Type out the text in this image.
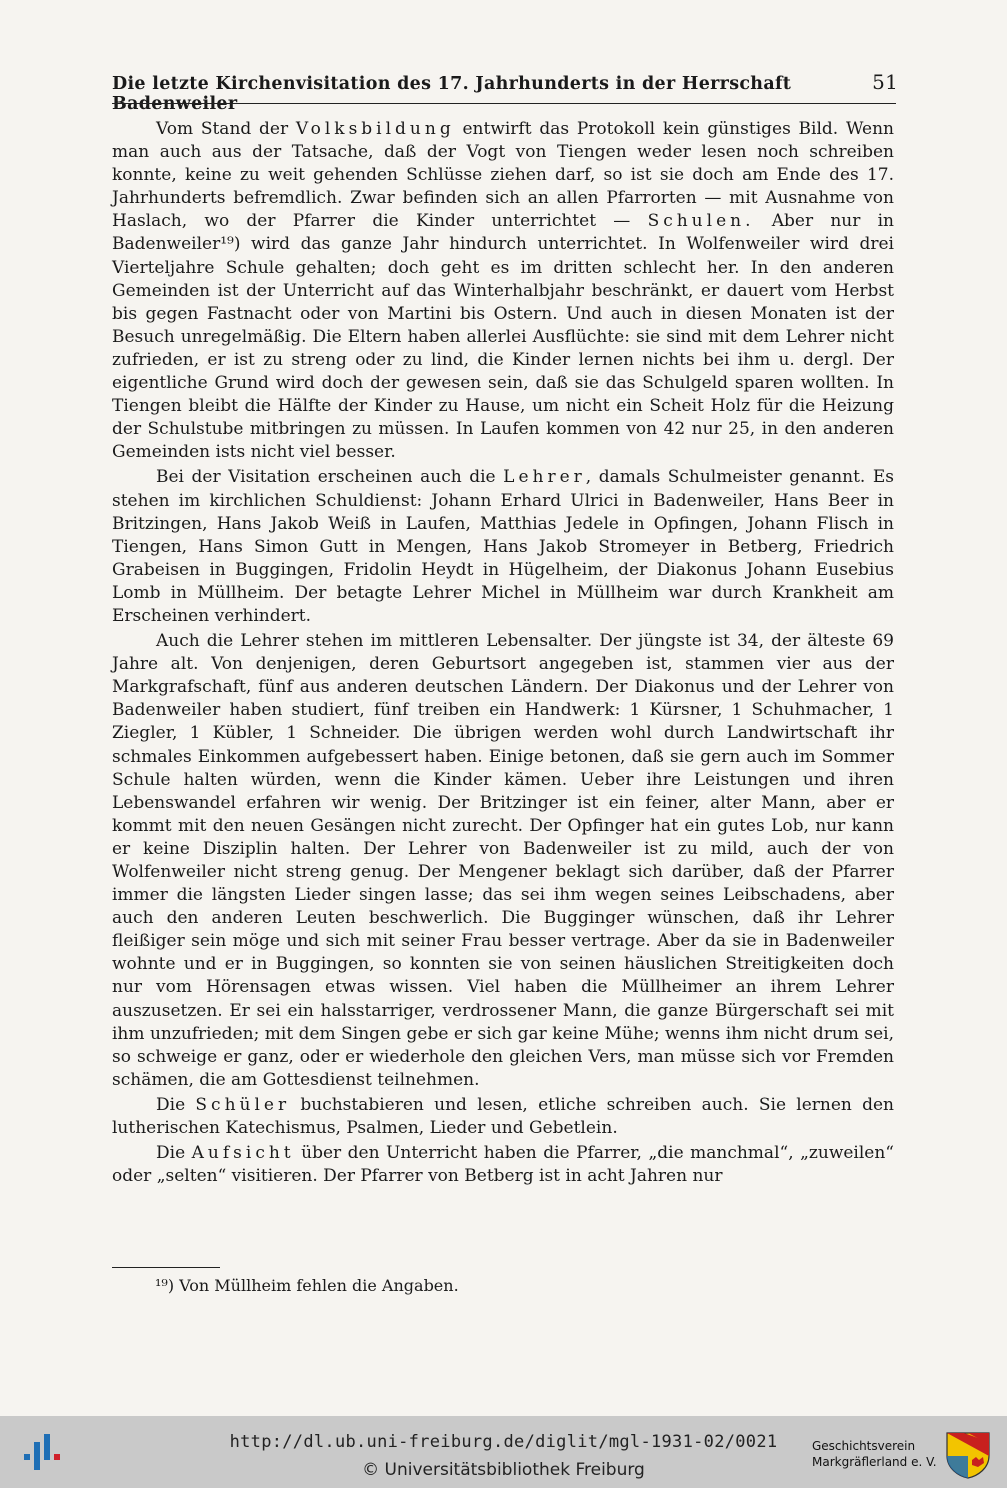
Die letzte Kirchenvisitation des 17. Jahrhunderts in der Herrschaft Badenweiler
51

Vom Stand der Volksbildung entwirft das Protokoll kein günstiges Bild. Wenn man auch aus der Tatsache, daß der Vogt von Tiengen weder lesen noch schreiben konnte, keine zu weit gehenden Schlüsse ziehen darf, so ist sie doch am Ende des 17. Jahrhunderts befremdlich. Zwar befinden sich an allen Pfarrorten — mit Ausnahme von Haslach, wo der Pfarrer die Kinder unterrichtet — Schulen. Aber nur in Badenweiler¹⁹) wird das ganze Jahr hindurch unterrichtet. In Wolfenweiler wird drei Vierteljahre Schule gehalten; doch geht es im dritten schlecht her. In den anderen Gemeinden ist der Unterricht auf das Winterhalbjahr beschränkt, er dauert vom Herbst bis gegen Fastnacht oder von Martini bis Ostern. Und auch in diesen Monaten ist der Besuch unregelmäßig. Die Eltern haben allerlei Ausflüchte: sie sind mit dem Lehrer nicht zufrieden, er ist zu streng oder zu lind, die Kinder lernen nichts bei ihm u. dergl. Der eigentliche Grund wird doch der gewesen sein, daß sie das Schulgeld sparen wollten. In Tiengen bleibt die Hälfte der Kinder zu Hause, um nicht ein Scheit Holz für die Heizung der Schulstube mitbringen zu müssen. In Laufen kommen von 42 nur 25, in den anderen Gemeinden ists nicht viel besser.

Bei der Visitation erscheinen auch die Lehrer, damals Schulmeister genannt. Es stehen im kirchlichen Schuldienst: Johann Erhard Ulrici in Badenweiler, Hans Beer in Britzingen, Hans Jakob Weiß in Laufen, Matthias Jedele in Opfingen, Johann Flisch in Tiengen, Hans Simon Gutt in Mengen, Hans Jakob Stromeyer in Betberg, Friedrich Grabeisen in Buggingen, Fridolin Heydt in Hügelheim, der Diakonus Johann Eusebius Lomb in Müllheim. Der betagte Lehrer Michel in Müllheim war durch Krankheit am Erscheinen verhindert.

Auch die Lehrer stehen im mittleren Lebensalter. Der jüngste ist 34, der älteste 69 Jahre alt. Von denjenigen, deren Geburtsort angegeben ist, stammen vier aus der Markgrafschaft, fünf aus anderen deutschen Ländern. Der Diakonus und der Lehrer von Badenweiler haben studiert, fünf treiben ein Handwerk: 1 Kürsner, 1 Schuhmacher, 1 Ziegler, 1 Kübler, 1 Schneider. Die übrigen werden wohl durch Landwirtschaft ihr schmales Einkommen aufgebessert haben. Einige betonen, daß sie gern auch im Sommer Schule halten würden, wenn die Kinder kämen. Ueber ihre Leistungen und ihren Lebenswandel erfahren wir wenig. Der Britzinger ist ein feiner, alter Mann, aber er kommt mit den neuen Gesängen nicht zurecht. Der Opfinger hat ein gutes Lob, nur kann er keine Disziplin halten. Der Lehrer von Badenweiler ist zu mild, auch der von Wolfenweiler nicht streng genug. Der Mengener beklagt sich darüber, daß der Pfarrer immer die längsten Lieder singen lasse; das sei ihm wegen seines Leibschadens, aber auch den anderen Leuten beschwerlich. Die Bugginger wünschen, daß ihr Lehrer fleißiger sein möge und sich mit seiner Frau besser vertrage. Aber da sie in Badenweiler wohnte und er in Buggingen, so konnten sie von seinen häuslichen Streitigkeiten doch nur vom Hörensagen etwas wissen. Viel haben die Müllheimer an ihrem Lehrer auszusetzen. Er sei ein halsstarriger, verdrossener Mann, die ganze Bürgerschaft sei mit ihm unzufrieden; mit dem Singen gebe er sich gar keine Mühe; wenns ihm nicht drum sei, so schweige er ganz, oder er wiederhole den gleichen Vers, man müsse sich vor Fremden schämen, die am Gottesdienst teilnehmen.

Die Schüler buchstabieren und lesen, etliche schreiben auch. Sie lernen den lutherischen Katechismus, Psalmen, Lieder und Gebetlein.

Die Aufsicht über den Unterricht haben die Pfarrer, „die manchmal“, „zuweilen“ oder „selten“ visitieren. Der Pfarrer von Betberg ist in acht Jahren nur

¹⁹) Von Müllheim fehlen die Angaben.
http://dl.ub.uni-freiburg.de/diglit/mgl-1931-02/0021
© Universitätsbibliothek Freiburg
Geschichtsverein
Markgräflerland e. V.
